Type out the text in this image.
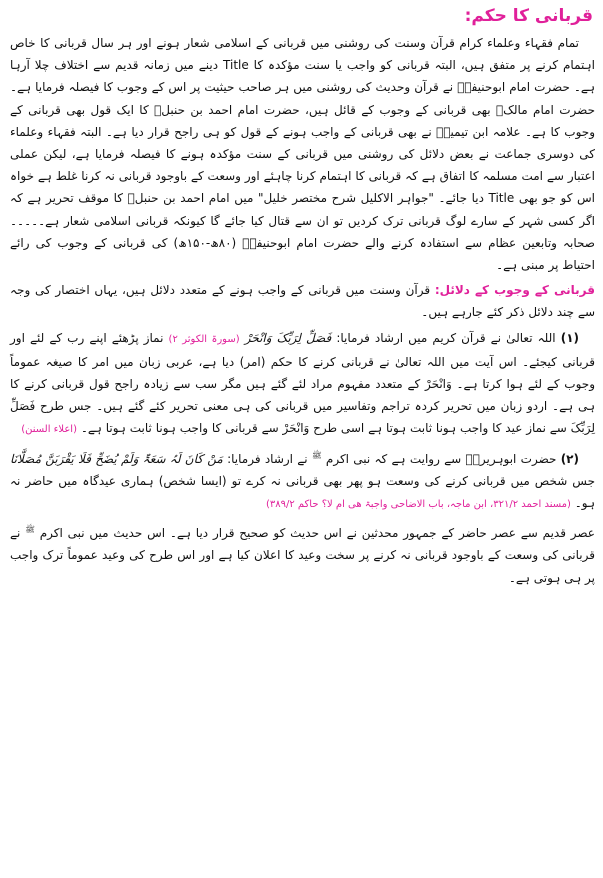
قربانی کا حکم:

تمام فقہاء وعلماء کرام قرآن وسنت کی روشنی میں قربانی کے اسلامی شعار ہونے اور ہر سال قربانی کا خاص اہتمام کرنے پر متفق ہیں، البتہ قربانی کو واجب یا سنت مؤکدہ کا Title دینے میں زمانہ قدیم سے اختلاف چلا آرہا ہے۔ حضرت امام ابوحنیفہؒ نے قرآن وحدیث کی روشنی میں ہر صاحب حیثیت پر اس کے وجوب کا فیصلہ فرمایا ہے۔ حضرت امام مالکؒ بھی قربانی کے وجوب کے قائل ہیں، حضرت امام احمد بن حنبلؒ کا ایک قول بھی قربانی کے وجوب کا ہے۔ علامہ ابن تیمیہؒ نے بھی قربانی کے واجب ہونے کے قول کو ہی راجح قرار دیا ہے۔ البتہ فقہاء وعلماء کی دوسری جماعت نے بعض دلائل کی روشنی میں قربانی کے سنت مؤکدہ ہونے کا فیصلہ فرمایا ہے، لیکن عملی اعتبار سے امت مسلمہ کا اتفاق ہے کہ قربانی کا اہتمام کرنا چاہئے اور وسعت کے باوجود قربانی نہ کرنا غلط ہے خواہ اس کو جو بھی Title دیا جائے۔ "جواہر الاکلیل شرح مختصر خلیل" میں امام احمد بن حنبلؒ کا موقف تحریر ہے کہ اگر کسی شہر کے سارے لوگ قربانی ترک کردیں تو ان سے قتال کیا جائے گا کیونکہ قربانی اسلامی شعار ہے۔۔۔۔۔ صحابہ وتابعین عظام سے استفادہ کرنے والے حضرت امام ابوحنیفہؒ (۸۰ھ-۱۵۰ھ) کی قربانی کے وجوب کی رائے احتیاط پر مبنی ہے۔

قربانی کے وجوب کے دلائل: قرآن وسنت میں قربانی کے واجب ہونے کے متعدد دلائل ہیں، یہاں اختصار کی وجہ سے چند دلائل ذکر کئے جارہے ہیں۔

(۱) اللہ تعالیٰ نے قرآن کریم میں ارشاد فرمایا: فَصَلِّ لِرَبِّکَ وَانْحَرْ (سورۃ الکوثر ۲) نماز پڑھئے اپنے رب کے لئے اور قربانی کیجئے۔ اس آیت میں اللہ تعالیٰ نے قربانی کرنے کا حکم (امر) دیا ہے، عربی زبان میں امر کا صیغہ عموماً وجوب کے لئے ہوا کرتا ہے۔ وَانْحَرْ کے متعدد مفہوم مراد لئے گئے ہیں مگر سب سے زیادہ راجح قول قربانی کرنے کا ہی ہے۔ اردو زبان میں تحریر کردہ تراجم وتفاسیر میں قربانی کی ہی معنی تحریر کئے گئے ہیں۔ جس طرح فَصَلِّ لِرَبِّکَ سے نماز عید کا واجب ہونا ثابت ہوتا ہے اسی طرح وَانْحَرْ سے قربانی کا واجب ہونا ثابت ہوتا ہے۔ (اعلاء السنن)

(۲) حضرت ابوہریرہؓ سے روایت ہے کہ نبی اکرم $^ﷺ$ نے ارشاد فرمایا: مَنْ کَانَ لَہُ سَعَۃٌ وَلَمْ یُضَحِّ فَلَا یَقْرَبَنَّ مُصَلَّانَا جس شخص میں قربانی کرنے کی وسعت ہو پھر بھی قربانی نہ کرے تو (ایسا شخص) ہماری عیدگاہ میں حاضر نہ ہو۔ (مسند احمد ۳۲۱/۲، ابن ماجہ، باب الاضاحی واجبۃ ھی ام لا؟ حاکم ۳۸۹/۲)

عصر قدیم سے عصر حاضر کے جمہور محدثین نے اس حدیث کو صحیح قرار دیا ہے۔ اس حدیث میں نبی اکرم $^ﷺ$ نے قربانی کی وسعت کے باوجود قربانی نہ کرنے پر سخت وعید کا اعلان کیا ہے اور اس طرح کی وعید عموماً ترک واجب پر ہی ہوتی ہے۔
